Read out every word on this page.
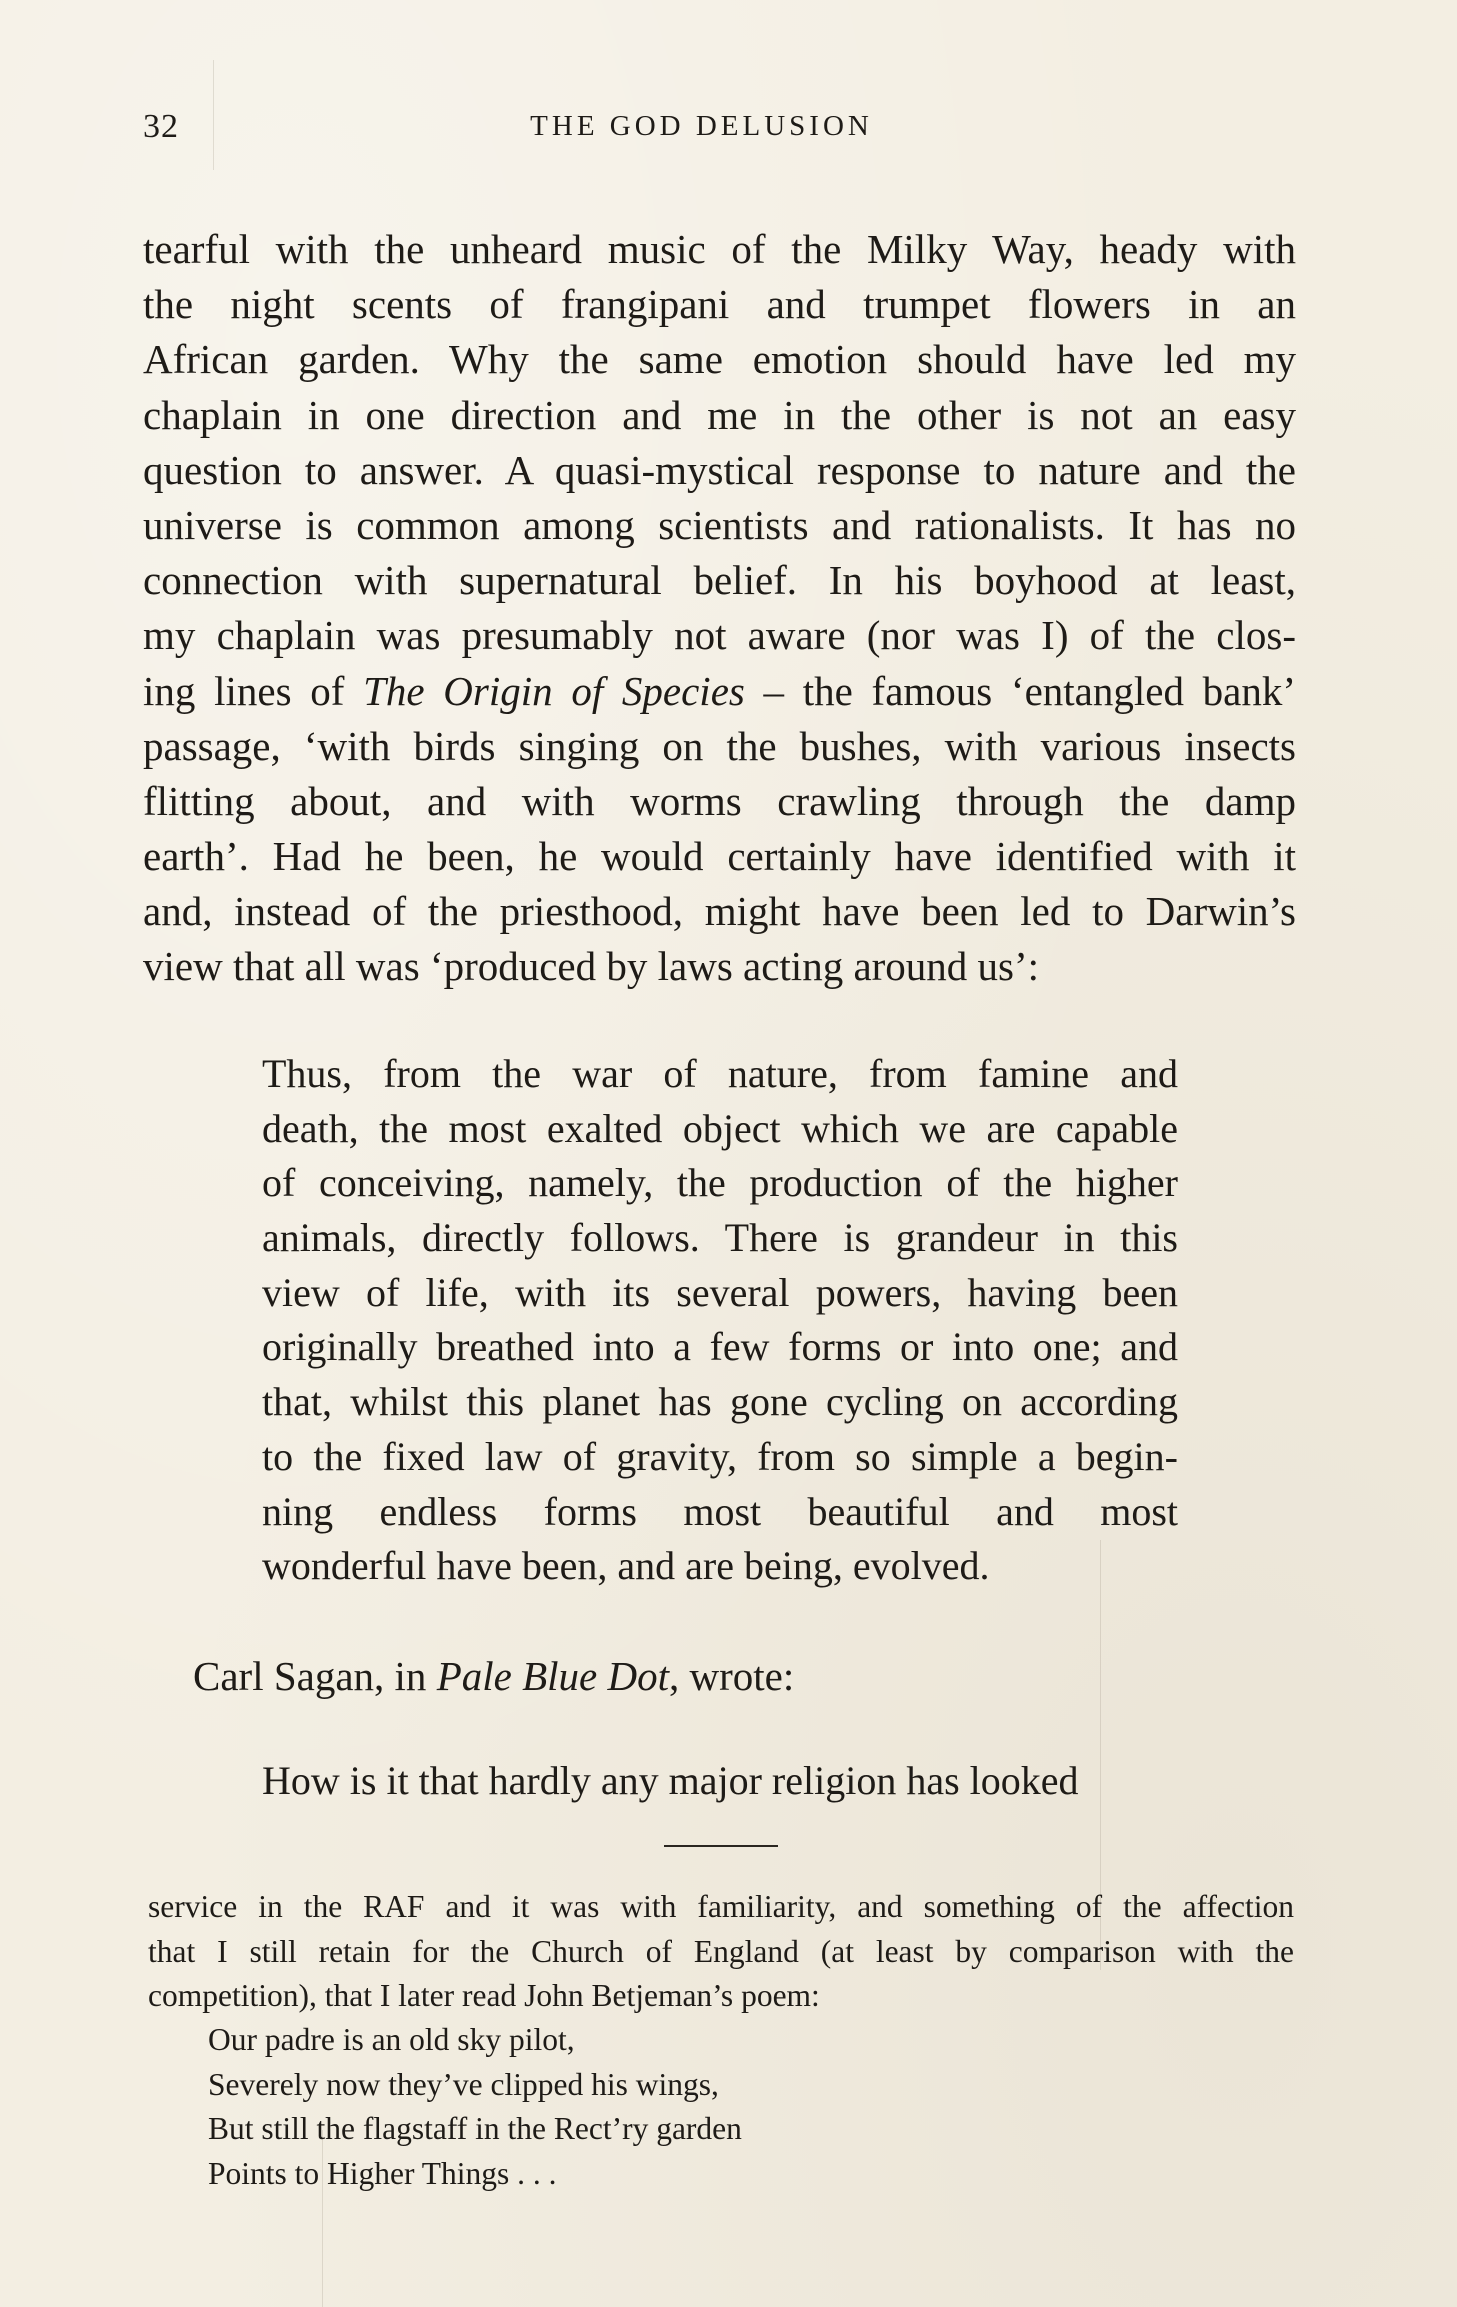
32	THE GOD DELUSION
tearful with the unheard music of the Milky Way, heady with
the night scents of frangipani and trumpet flowers in an
African garden. Why the same emotion should have led my
chaplain in one direction and me in the other is not an easy
question to answer. A quasi-mystical response to nature and the
universe is common among scientists and rationalists. It has no
connection with supernatural belief. In his boyhood at least,
my chaplain was presumably not aware (nor was I) of the clos-
ing lines of The Origin of Species – the famous ‘entangled bank’
passage, ‘with birds singing on the bushes, with various insects
flitting about, and with worms crawling through the damp
earth’. Had he been, he would certainly have identified with it
and, instead of the priesthood, might have been led to Darwin’s
view that all was ‘produced by laws acting around us’:
Thus, from the war of nature, from famine and
death, the most exalted object which we are capable
of conceiving, namely, the production of the higher
animals, directly follows. There is grandeur in this
view of life, with its several powers, having been
originally breathed into a few forms or into one; and
that, whilst this planet has gone cycling on according
to the fixed law of gravity, from so simple a begin-
ning endless forms most beautiful and most
wonderful have been, and are being, evolved.

Carl Sagan, in Pale Blue Dot, wrote:

How is it that hardly any major religion has looked

service in the RAF and it was with familiarity, and something of the affection
that I still retain for the Church of England (at least by comparison with the
competition), that I later read John Betjeman’s poem:
Our padre is an old sky pilot,
Severely now they’ve clipped his wings,
But still the flagstaff in the Rect’ry garden
Points to Higher Things . . .
